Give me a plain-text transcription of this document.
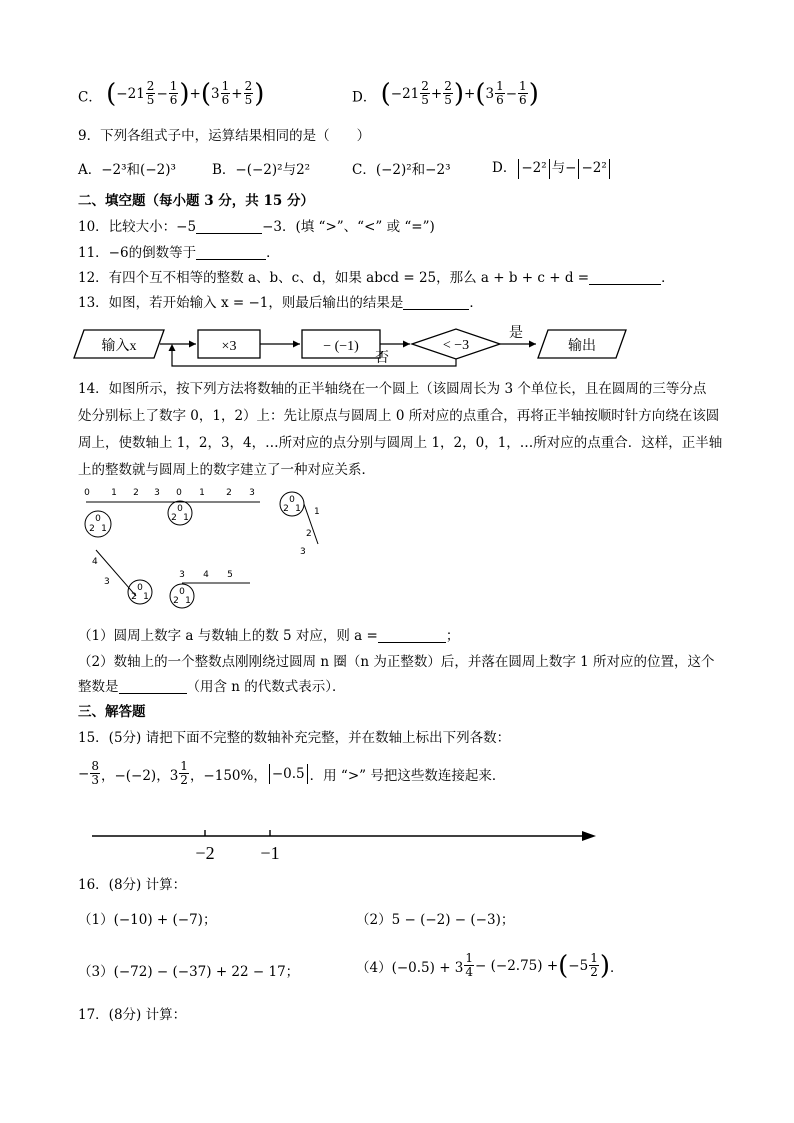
C． ( $-21 \frac{2}{5} - \frac{1}{6}$ ) + ( $3 \frac{1}{6} + \frac{2}{5}$ )	D． ( $-21 \frac{2}{5} + \frac{2}{5}$ ) + ( $3 \frac{1}{6} - \frac{1}{6}$ )
9．下列各组式子中，运算结果相同的是（　　）
A．−2³和(−2)³	B．−(−2)²与2²	C．(−2)²和−2³	D． −2² 与− −2²
二、填空题（每小题 3 分，共 15 分）
10．比较大小：−5	−3．(填 “>”、“<” 或 “=”)
11．−6的倒数等于	．
12．有四个互不相等的整数 a、b、c、d，如果 abcd = 25，那么 a + b + c + d =	．
13．如图，若开始输入 x = −1，则最后输出的结果是	．
输入x	×3	− (−1)	< −3
是
输出
否
14．如图所示，按下列方法将数轴的正半轴绕在一个圆上（该圆周长为 3 个单位长，且在圆周的三等分点
处分别标上了数字 0，1，2）上：先让原点与圆周上 0 所对应的点重合，再将正半轴按顺时针方向绕在该圆
周上，使数轴上 1，2，3，4，…所对应的点分别与圆周上 1，2，0，1，…所对应的点重合．这样，正半轴
上的整数就与圆周上的数字建立了一种对应关系．
0 1 2 3 0 1 2 3
0
2 1
0
2 1
0
2 1 1
2
3
4
3
0
2 1
3 4 5
0
2 1
（1）圆周上数字 a 与数轴上的数 5 对应，则 a =	；
（2）数轴上的一个整数点刚刚绕过圆周 n 圈（n 为正整数）后，并落在圆周上数字 1 所对应的位置，这个
整数是	（用含 n 的代数式表示）．
三、解答题
15．(5分) 请把下面不完整的数轴补充完整，并在数轴上标出下列各数：
− $\frac{8}{3}$ ，−(−2)，$3 \frac{1}{2}$ ，−150%， −0.5 ．用 “>” 号把这些数连接起来．
−2	−1
16．(8分) 计算：
（1）(−10) + (−7)；	（2）5 − (−2) − (−3)；
（3）(−72) − (−37) + 22 − 17；	$(4)(-0.5) + 3 \frac{1}{4} - (-2.75)$ + ( $-5 \frac{1}{2}$ ) ．
17．(8分) 计算：
